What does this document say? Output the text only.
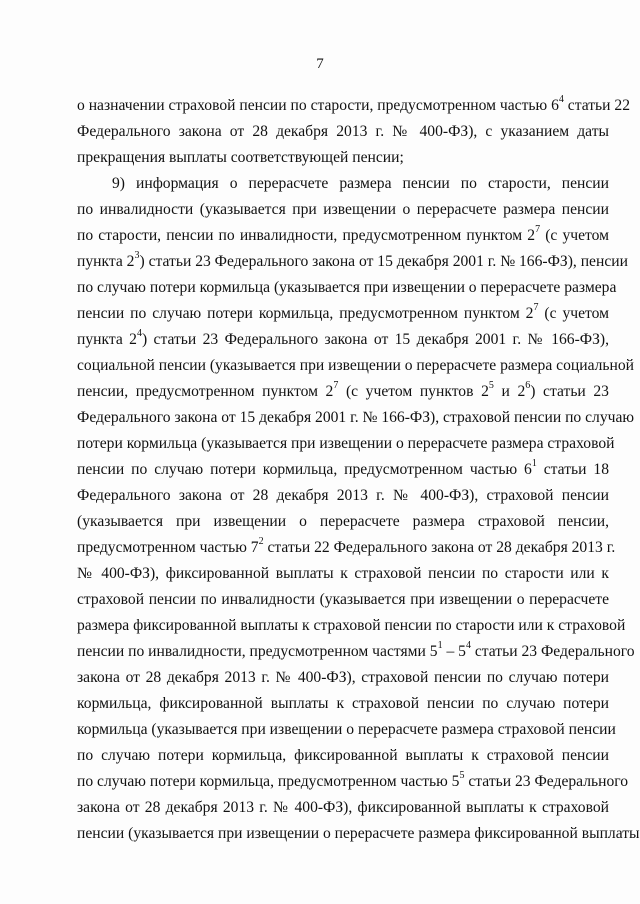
7
о назначении страховой пенсии по старости, предусмотренном частью $6^4$ статьи 22
Федерального закона от 28 декабря 2013 г. № 400-ФЗ), с указанием даты
прекращения выплаты соответствующей пенсии;
9) информация о перерасчете размера пенсии по старости, пенсии
по инвалидности (указывается при извещении о перерасчете размера пенсии
по старости, пенсии по инвалидности, предусмотренном пунктом $2^7$ (с учетом
пункта $2^3$) статьи 23 Федерального закона от 15 декабря 2001 г. № 166-ФЗ), пенсии
по случаю потери кормильца (указывается при извещении о перерасчете размера
пенсии по случаю потери кормильца, предусмотренном пунктом $2^7$ (с учетом
пункта $2^4$) статьи 23 Федерального закона от 15 декабря 2001 г. № 166-ФЗ),
социальной пенсии (указывается при извещении о перерасчете размера социальной
пенсии, предусмотренном пунктом $2^7$ (с учетом пунктов $2^5$ и $2^6$) статьи 23
Федерального закона от 15 декабря 2001 г. № 166-ФЗ), страховой пенсии по случаю
потери кормильца (указывается при извещении о перерасчете размера страховой
пенсии по случаю потери кормильца, предусмотренном частью $6^1$ статьи 18
Федерального закона от 28 декабря 2013 г. № 400-ФЗ), страховой пенсии
(указывается при извещении о перерасчете размера страховой пенсии,
предусмотренном частью $7^2$ статьи 22 Федерального закона от 28 декабря 2013 г.
№ 400-ФЗ), фиксированной выплаты к страховой пенсии по старости или к
страховой пенсии по инвалидности (указывается при извещении о перерасчете
размера фиксированной выплаты к страховой пенсии по старости или к страховой
пенсии по инвалидности, предусмотренном частями $5^1 - 5^4$ статьи 23 Федерального
закона от 28 декабря 2013 г. № 400-ФЗ), страховой пенсии по случаю потери
кормильца, фиксированной выплаты к страховой пенсии по случаю потери
кормильца (указывается при извещении о перерасчете размера страховой пенсии
по случаю потери кормильца, фиксированной выплаты к страховой пенсии
по случаю потери кормильца, предусмотренном частью $5^5$ статьи 23 Федерального
закона от 28 декабря 2013 г. № 400-ФЗ), фиксированной выплаты к страховой
пенсии (указывается при извещении о перерасчете размера фиксированной выплаты
